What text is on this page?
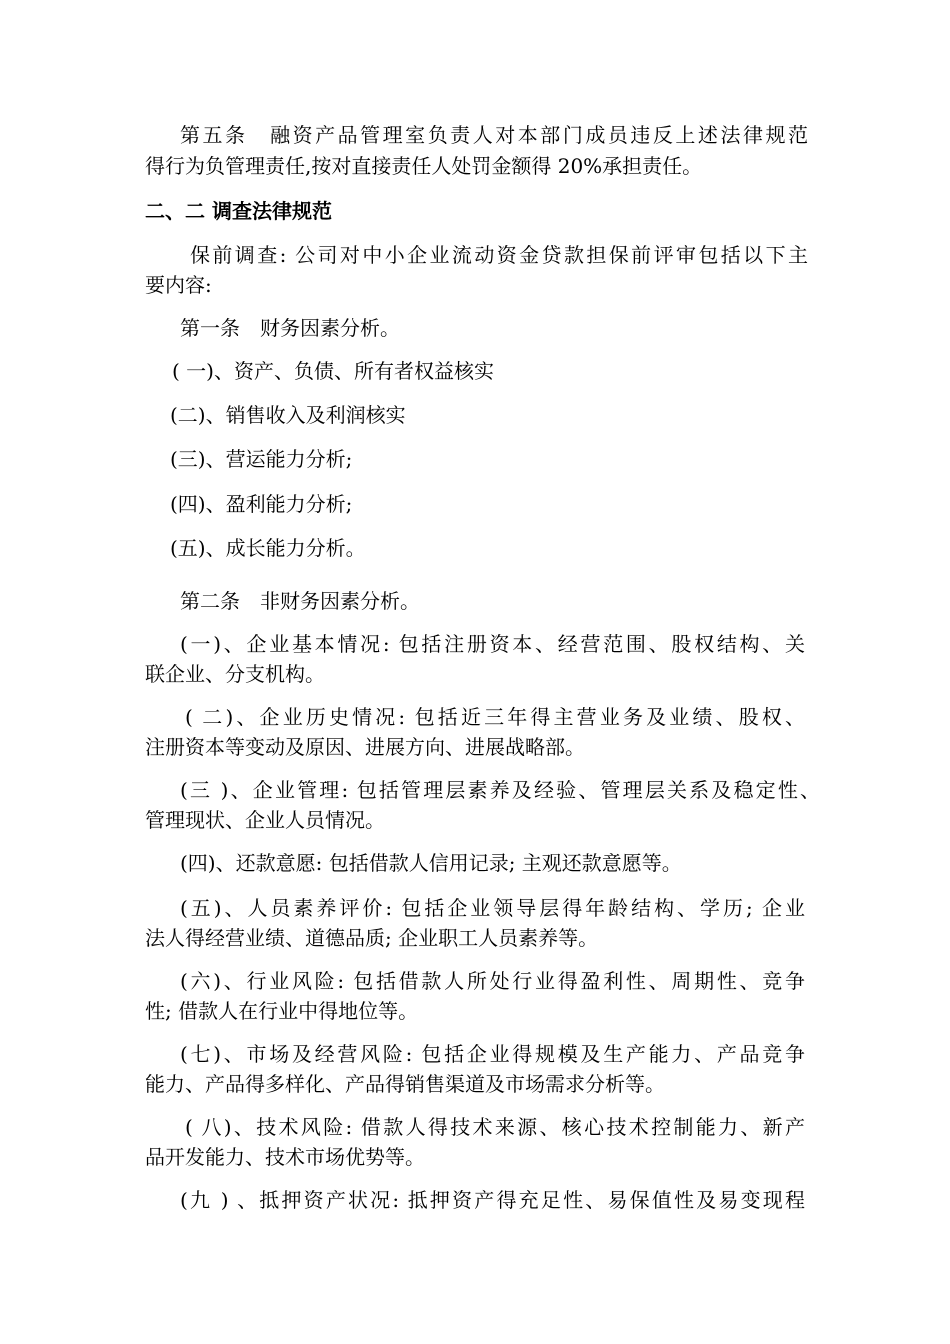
第五条　融资产品管理室负责人对本部门成员违反上述法律规范
得行为负管理责任,按对直接责任人处罚金额得 20%承担责任。
二、二 调查法律规范
保前调查: 公司对中小企业流动资金贷款担保前评审包括以下主
要内容:
第一条　财务因素分析。
( 一)、资产、负债、所有者权益核实
(二)、销售收入及利润核实
(三)、营运能力分析;
(四)、盈利能力分析;
(五)、成长能力分析。
第二条　非财务因素分析。
(一)、企业基本情况: 包括注册资本、经营范围、股权结构、关
联企业、分支机构。
( 二)、企业历史情况: 包括近三年得主营业务及业绩、股权、
注册资本等变动及原因、进展方向、进展战略部。
(三 )、企业管理: 包括管理层素养及经验、管理层关系及稳定性、
管理现状、企业人员情况。
(四)、还款意愿: 包括借款人信用记录; 主观还款意愿等。
(五)、人员素养评价: 包括企业领导层得年龄结构、学历; 企业
法人得经营业绩、道德品质; 企业职工人员素养等。
(六)、行业风险: 包括借款人所处行业得盈利性、周期性、竞争
性; 借款人在行业中得地位等。
(七)、市场及经营风险: 包括企业得规模及生产能力、产品竞争
能力、产品得多样化、产品得销售渠道及市场需求分析等。
( 八)、技术风险: 借款人得技术来源、核心技术控制能力、新产
品开发能力、技术市场优势等。
(九 ) 、抵押资产状况: 抵押资产得充足性、易保值性及易变现程
